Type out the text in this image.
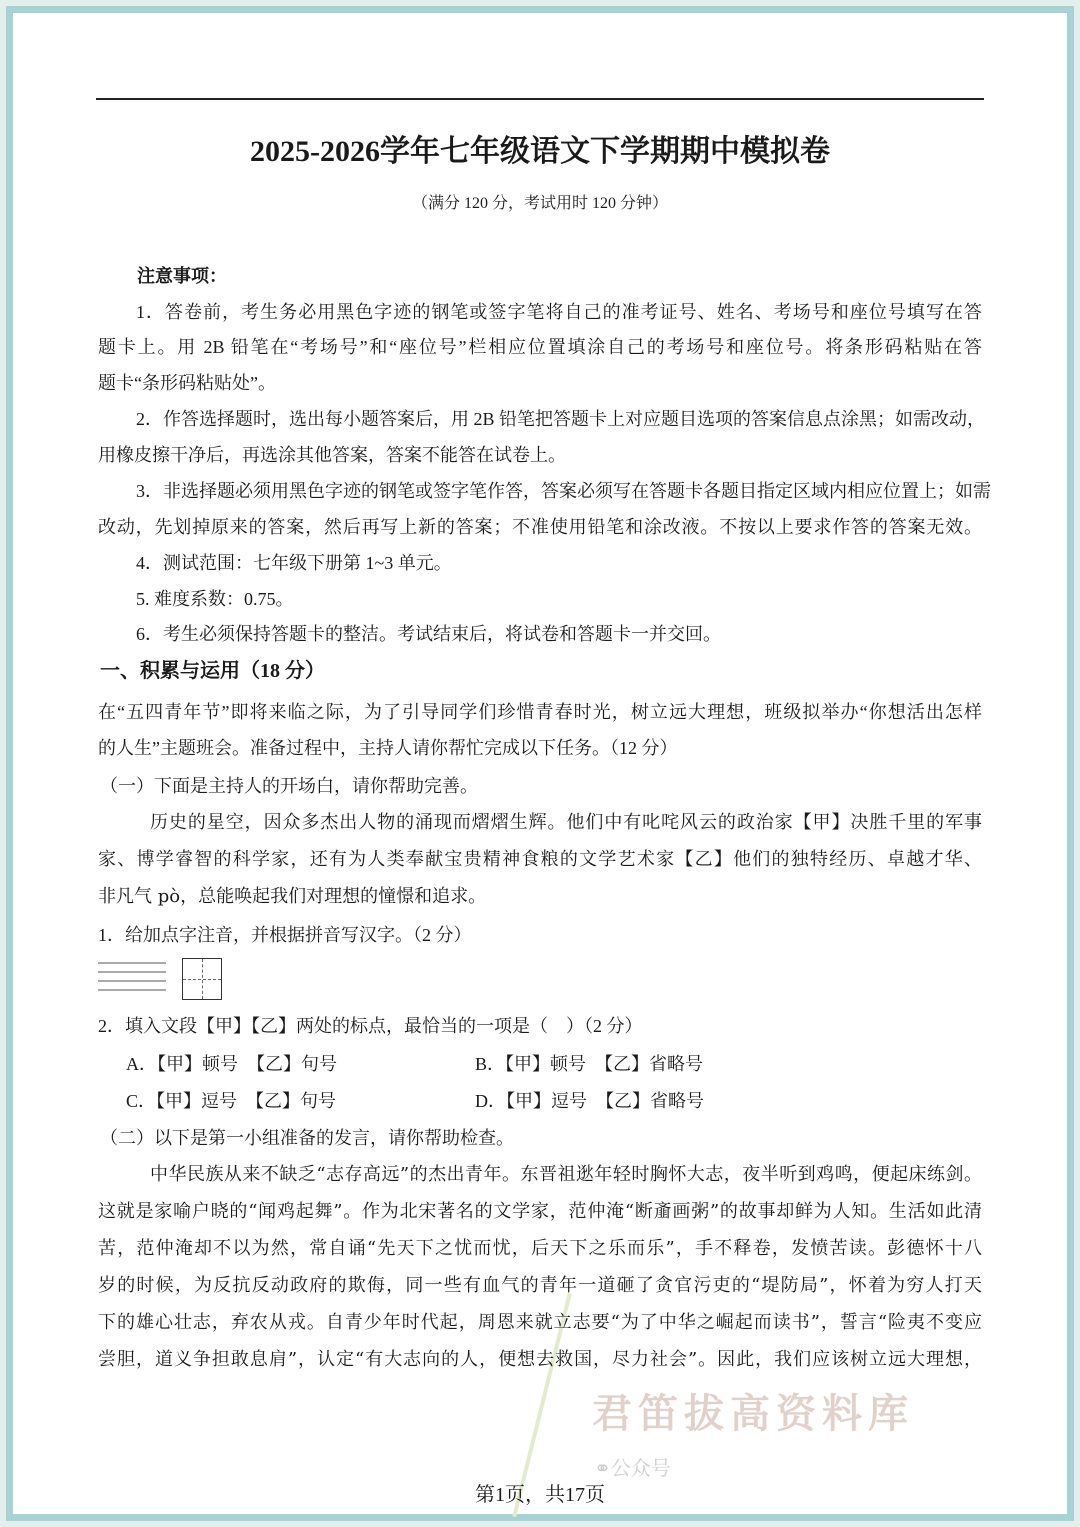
2025-2026学年七年级语文下学期期中模拟卷
（满分 120 分，考试用时 120 分钟）
注意事项：
1．答卷前，考生务必用黑色字迹的钢笔或签字笔将自己的准考证号、姓名、考场号和座位号填写在答
题卡上。用 2B 铅笔在“考场号”和“座位号”栏相应位置填涂自己的考场号和座位号。将条形码粘贴在答
题卡“条形码粘贴处”。
2．作答选择题时，选出每小题答案后，用 2B 铅笔把答题卡上对应题目选项的答案信息点涂黑；如需改动，
用橡皮擦干净后，再选涂其他答案，答案不能答在试卷上。
3．非选择题必须用黑色字迹的钢笔或签字笔作答，答案必须写在答题卡各题目指定区域内相应位置上；如需
改动，先划掉原来的答案，然后再写上新的答案；不准使用铅笔和涂改液。不按以上要求作答的答案无效。
4．测试范围：七年级下册第 1~3 单元。
5. 难度系数：0.75。
6．考生必须保持答题卡的整洁。考试结束后，将试卷和答题卡一并交回。
一、积累与运用（18 分）
在“五四青年节”即将来临之际，为了引导同学们珍惜青春时光，树立远大理想，班级拟举办“你想活出怎样
的人生”主题班会。准备过程中，主持人请你帮忙完成以下任务。（12 分）
（一）下面是主持人的开场白，请你帮助完善。
历史的星空，因众多杰出人物的涌现而熠熠生辉。他们中有叱咤风云的政治家【甲】决胜千里的军事
家、博学睿智的科学家，还有为人类奉献宝贵精神食粮的文学艺术家【乙】他们的独特经历、卓越才华、
非凡气 pò，总能唤起我们对理想的憧憬和追求。
1．给加点字注音，并根据拼音写汉字。（2 分）
2．填入文段【甲】【乙】两处的标点，最恰当的一项是（　）（2 分）
A．【甲】顿号　【乙】句号	B．【甲】顿号　【乙】省略号
C．【甲】逗号　【乙】句号	D．【甲】逗号　【乙】省略号
（二）以下是第一小组准备的发言，请你帮助检查。
中华民族从来不缺乏“志存高远”的杰出青年。东晋祖逖年轻时胸怀大志，夜半听到鸡鸣，便起床练剑。
这就是家喻户晓的“闻鸡起舞”。作为北宋著名的文学家，范仲淹“断齑画粥”的故事却鲜为人知。生活如此清
苦，范仲淹却不以为然，常自诵“先天下之忧而忧，后天下之乐而乐”，手不释卷，发愤苦读。彭德怀十八
岁的时候，为反抗反动政府的欺侮，同一些有血气的青年一道砸了贪官污吏的“堤防局”，怀着为穷人打天
下的雄心壮志，弃农从戎。自青少年时代起，周恩来就立志要“为了中华之崛起而读书”，誓言“险夷不变应
尝胆，道义争担敢息肩”，认定“有大志向的人，便想去救国，尽力社会”。因此，我们应该树立远大理想，
君笛拔高资料库
⚭公众号
第1页，共17页
